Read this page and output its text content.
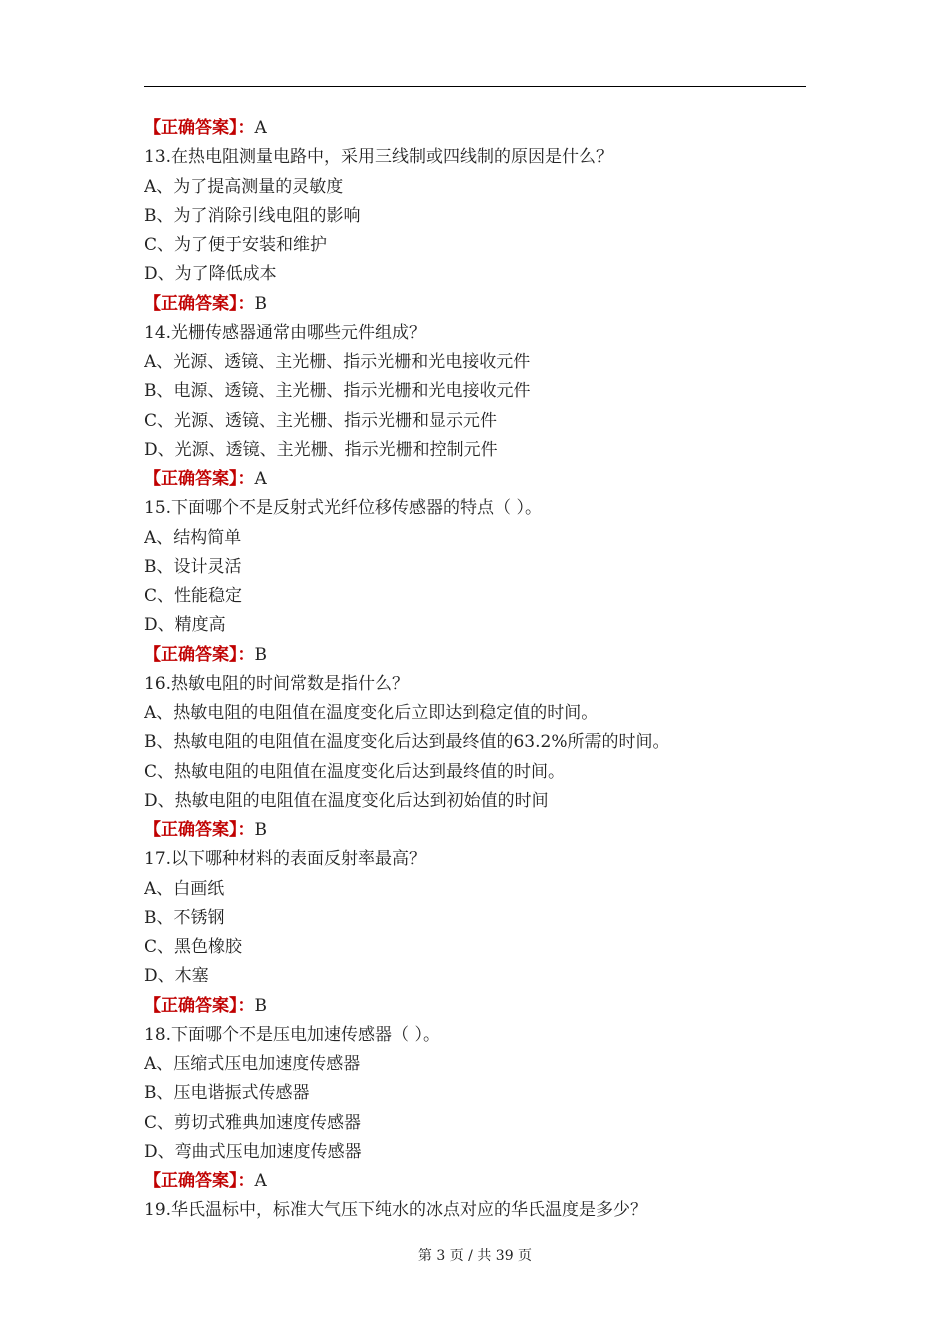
【正确答案】：A
13.在热电阻测量电路中，采用三线制或四线制的原因是什么？
A、为了提高测量的灵敏度
B、为了消除引线电阻的影响
C、为了便于安装和维护
D、为了降低成本
【正确答案】：B
14.光栅传感器通常由哪些元件组成？
A、光源、透镜、主光栅、指示光栅和光电接收元件
B、电源、透镜、主光栅、指示光栅和光电接收元件
C、光源、透镜、主光栅、指示光栅和显示元件
D、光源、透镜、主光栅、指示光栅和控制元件
【正确答案】：A
15.下面哪个不是反射式光纤位移传感器的特点（ ）。
A、结构简单
B、设计灵活
C、性能稳定
D、精度高
【正确答案】：B
16.热敏电阻的时间常数是指什么？
A、热敏电阻的电阻值在温度变化后立即达到稳定值的时间。
B、热敏电阻的电阻值在温度变化后达到最终值的63.2%所需的时间。
C、热敏电阻的电阻值在温度变化后达到最终值的时间。
D、热敏电阻的电阻值在温度变化后达到初始值的时间
【正确答案】：B
17.以下哪种材料的表面反射率最高？
A、白画纸
B、不锈钢
C、黑色橡胶
D、木塞
【正确答案】：B
18.下面哪个不是压电加速传感器（ ）。
A、压缩式压电加速度传感器
B、压电谐振式传感器
C、剪切式雅典加速度传感器
D、弯曲式压电加速度传感器
【正确答案】：A
19.华氏温标中，标准大气压下纯水的冰点对应的华氏温度是多少？
第 3 页 / 共 39 页
